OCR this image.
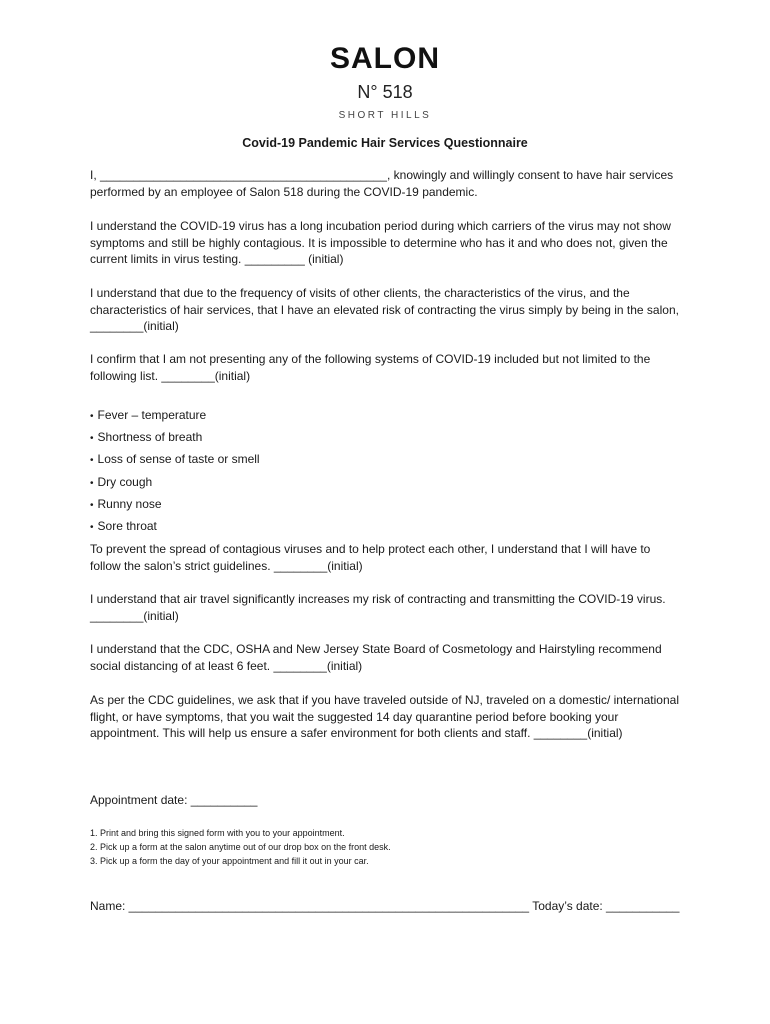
SALON
N° 518
SHORT HILLS
Covid-19 Pandemic Hair Services Questionnaire
I, ___________________________________________, knowingly and willingly consent to have hair services performed by an employee of Salon 518 during the COVID-19 pandemic.
I understand the COVID-19 virus has a long incubation period during which carriers of the virus may not show symptoms and still be highly contagious. It is impossible to determine who has it and who does not, given the current limits in virus testing. _________ (initial)
I understand that due to the frequency of visits of other clients, the characteristics of the virus, and the characteristics of hair services, that I have an elevated risk of contracting the virus simply by being in the salon, ________(initial)
I confirm that I am not presenting any of the following systems of COVID-19 included but not limited to the following list. ________(initial)
• Fever – temperature
• Shortness of breath
• Loss of sense of taste or smell
• Dry cough
• Runny nose
• Sore throat
To prevent the spread of contagious viruses and to help protect each other, I understand that I will have to follow the salon’s strict guidelines. ________(initial)
I understand that air travel significantly increases my risk of contracting and transmitting the COVID-19 virus. ________(initial)
I understand that the CDC, OSHA and New Jersey State Board of Cosmetology and Hairstyling recommend social distancing of at least 6 feet. ________(initial)
As per the CDC guidelines, we ask that if you have traveled outside of NJ, traveled on a domestic/ international flight, or have symptoms, that you wait the suggested 14 day quarantine period before booking your appointment. This will help us ensure a safer environment for both clients and staff. ________(initial)
Appointment date: __________
1. Print and bring this signed form with you to your appointment.
2. Pick up a form at the salon anytime out of our drop box on the front desk.
3. Pick up a form the day of your appointment and fill it out in your car.
Name: ____________________________________________________________ Today’s date: ___________
